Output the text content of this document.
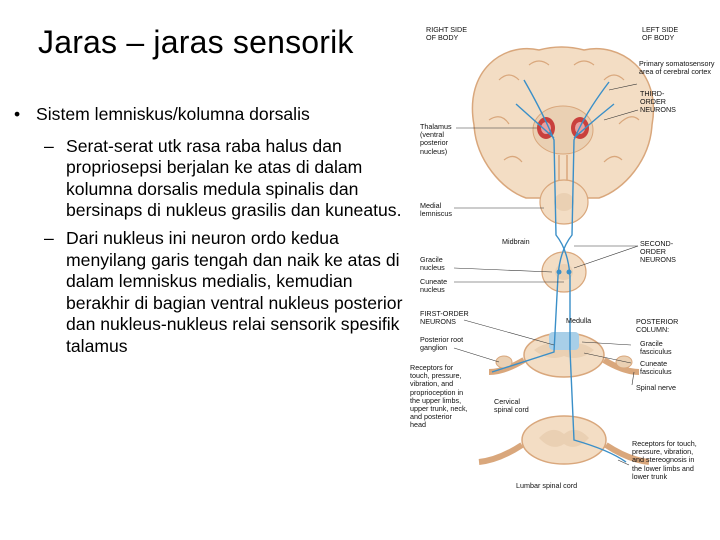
Jaras – jaras sensorik
• Sistem lemniskus/kolumna dorsalis
– Serat-serat utk rasa raba halus dan propriosepsi berjalan ke atas di dalam kolumna dorsalis medula spinalis dan bersinaps di nukleus grasilis dan kuneatus.
– Dari nukleus ini neuron ordo kedua menyilang garis tengah dan naik ke atas di dalam lemniskus medialis, kemudian berakhir di bagian ventral nukleus posterior dan nukleus-nukleus relai sensorik spesifik talamus
RIGHT SIDE
OF BODY
LEFT SIDE
OF BODY
Primary somatosensory
area of cerebral cortex
THIRD-
ORDER
NEURONS
Thalamus
(ventral
posterior
nucleus)
Medial
lemniscus
Midbrain	SECOND-
ORDER
NEURONS
Gracile
nucleus
Cuneate
nucleus
FIRST-ORDER
NEURONS	Medulla	POSTERIOR
COLUMN:
Posterior root
ganglion	Gracile
fasciculus
Cuneate
fasciculus
Receptors for
touch, pressure,
vibration, and
proprioception in
the upper limbs,
upper trunk, neck,
and posterior
head
Spinal nerve
Cervical
spinal cord
Receptors for touch,
pressure, vibration,
and stereognosis in
the lower limbs and
lower trunk
Lumbar spinal cord
